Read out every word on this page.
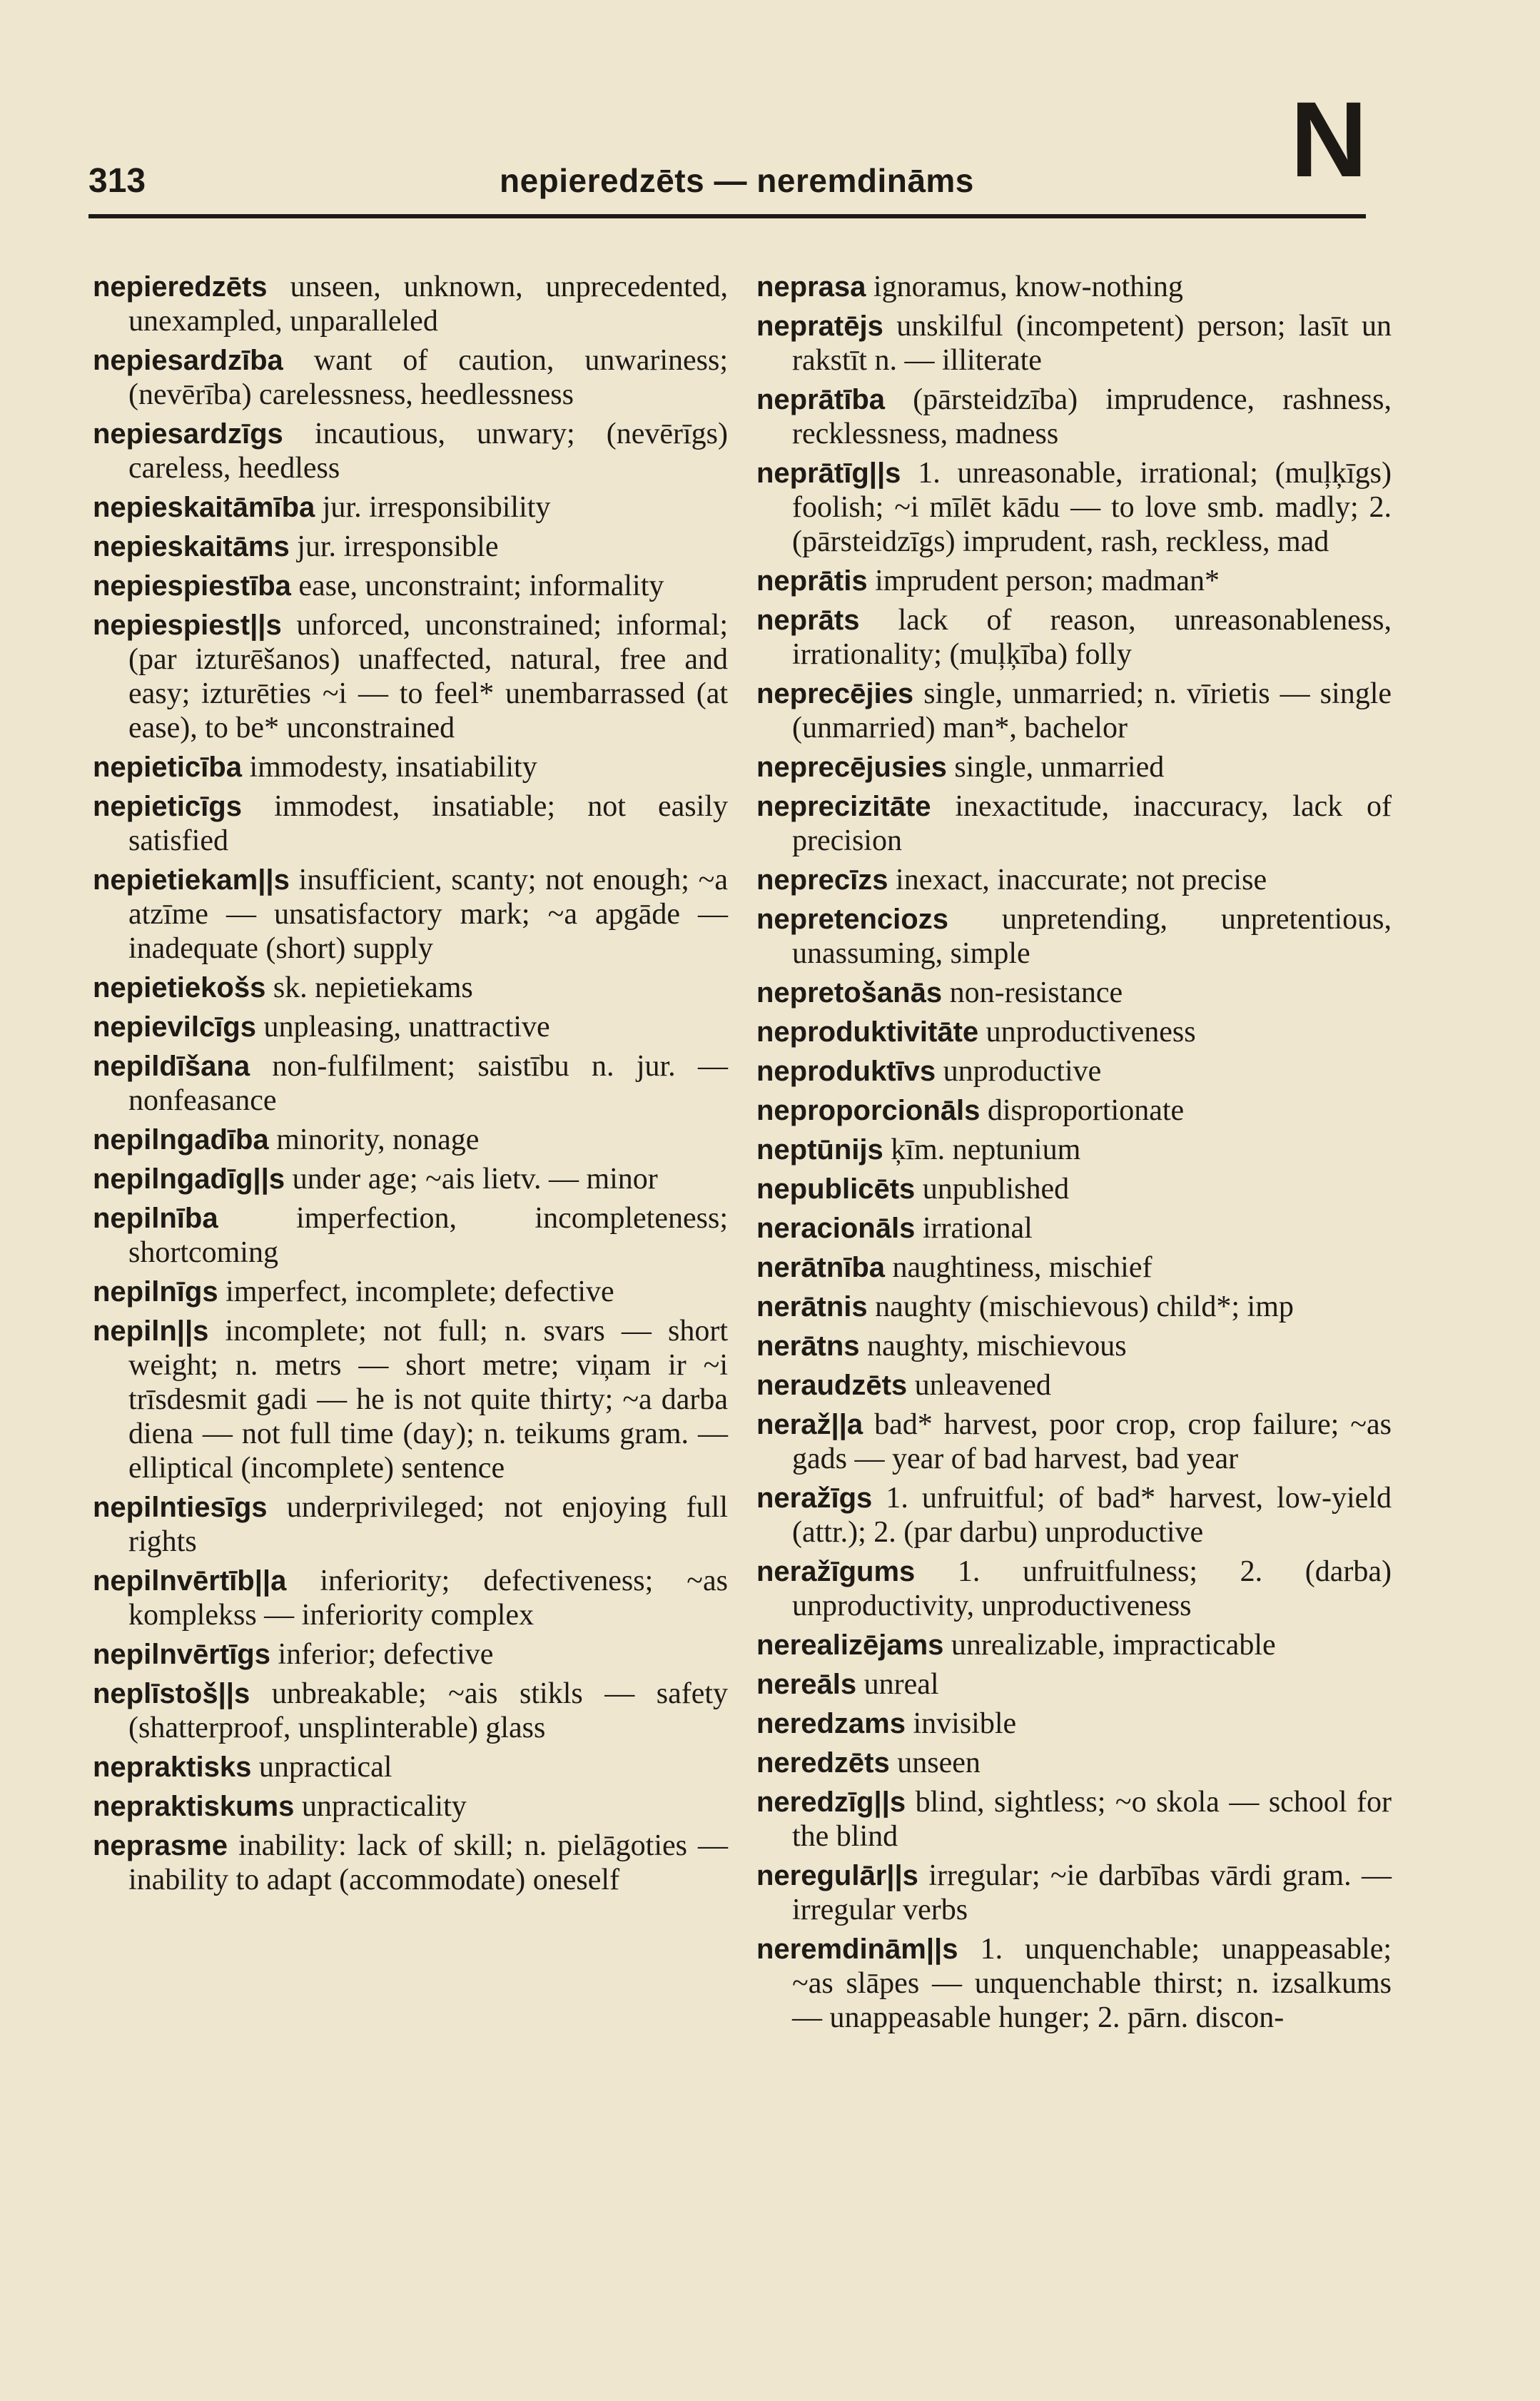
313	nepieredzēts — neremdināms	N

nepieredzēts unseen, unknown, unprecedented, unexampled, unparalleled

nepiesardzība want of caution, unwariness; (nevērība) carelessness, heedlessness

nepiesardzīgs incautious, unwary; (nevērīgs) careless, heedless

nepieskaitāmība jur. irresponsibility

nepieskaitāms jur. irresponsible

nepiespiestība ease, unconstraint; informality

nepiespiest||s unforced, unconstrained; informal; (par izturēšanos) unaffected, natural, free and easy; izturēties ~i — to feel* unembarrassed (at ease), to be* unconstrained

nepieticība immodesty, insatiability

nepieticīgs immodest, insatiable; not easily satisfied

nepietiekam||s insufficient, scanty; not enough; ~a atzīme — unsatisfactory mark; ~a apgāde — inadequate (short) supply

nepietiekošs sk. nepietiekams

nepievilcīgs unpleasing, unattractive

nepildīšana non-fulfilment; saistību n. jur. — nonfeasance

nepilngadība minority, nonage

nepilngadīg||s under age; ~ais lietv. — minor

nepilnība	imperfection, incompleteness; shortcoming

nepilnīgs imperfect, incomplete; defective

nepiln||s incomplete; not full; n. svars — short weight; n. metrs — short metre; viņam ir ~i trīsdesmit gadi — he is not quite thirty; ~a darba diena — not full time (day); n. teikums gram. — elliptical (incomplete) sentence

nepilntiesīgs underprivileged; not enjoying full rights

nepilnvērtīb||a inferiority; defectiveness; ~as komplekss — inferiority complex

nepilnvērtīgs inferior; defective

neplīstoš||s unbreakable; ~ais stikls — safety (shatterproof, unsplinterable) glass

nepraktisks unpractical

nepraktiskums unpracticality

neprasme inability: lack of skill; n. pielāgoties — inability to adapt (accommodate) oneself

neprasa ignoramus, know-nothing

nepratējs unskilful (incompetent) person; lasīt un rakstīt n. — illiterate

neprātība (pārsteidzība) imprudence, rashness, recklessness, madness

neprātīg||s 1. unreasonable, irrational; (muļķīgs) foolish; ~i mīlēt kādu — to love smb. madly; 2. (pārsteidzīgs) imprudent, rash, reckless, mad

neprātis imprudent person; madman*

neprāts lack of reason, unreasonableness, irrationality; (muļķība) folly

neprecējies single, unmarried; n. vīrietis — single (unmarried) man*, bachelor

neprecējusies single, unmarried

neprecizitāte inexactitude, inaccuracy, lack of precision

neprecīzs inexact, inaccurate; not precise

nepretenciozs unpretending, unpretentious, unassuming, simple

nepretošanās non-resistance

neproduktivitāte unproductiveness

neproduktīvs unproductive

neproporcionāls disproportionate

neptūnijs ķīm. neptunium

nepublicēts unpublished

neracionāls irrational

nerātnība naughtiness, mischief

nerātnis naughty (mischievous) child*; imp

nerātns naughty, mischievous

neraudzēts unleavened

neraž||a bad* harvest, poor crop, crop failure; ~as gads — year of bad harvest, bad year

neražīgs 1. unfruitful; of bad* harvest, low-yield (attr.); 2. (par darbu) unproductive

neražīgums 1. unfruitfulness; 2. (darba) unproductivity, unproductiveness

nerealizējams unrealizable, impracticable

nereāls unreal

neredzams invisible

neredzēts unseen

neredzīg||s blind, sightless; ~o skola — school for the blind

neregulār||s irregular; ~ie darbības vārdi gram. — irregular verbs

neremdinām||s 1. unquenchable; unappeasable; ~as slāpes — unquenchable thirst; n. izsalkums — unappeasable hunger; 2. pārn. discon-
